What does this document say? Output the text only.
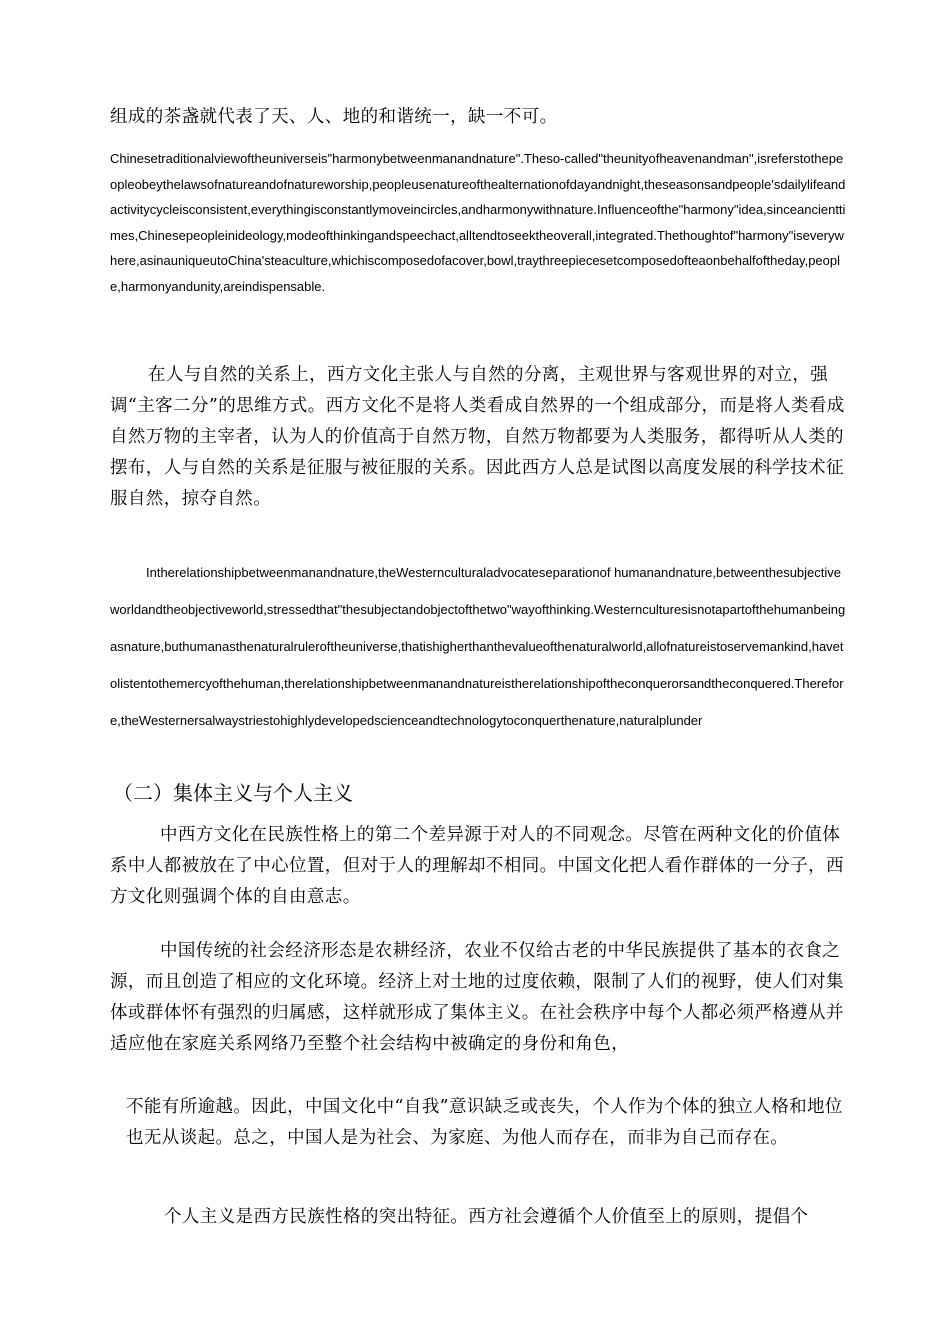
组成的茶盏就代表了天、人、地的和谐统一，缺一不可。

Chinesetraditionalviewoftheuniverseis"harmonybetweenmanandnature".Theso-called"theunityofheavenandman",isreferstothepeopleobeythelawsofnatureandofnatureworship,peopleusenatureofthealternationofdayandnight,theseasonsandpeople'sdailylifeandactivitycycleisconsistent,everythingisconstantlymoveincircles,andharmonywithnature.Influenceofthe"harmony"idea,sinceancienttimes,Chinesepeopleinideology,modeofthinkingandspeechact,alltendtoseektheoverall,integrated.Thethoughtof"harmony"iseverywhere,asinauniqueutoChina'steaculture,whichiscomposedofacover,bowl,traythreepiecesetcomposedofteaonbehalfoftheday,people,harmonyandunity,areindispensable.

在人与自然的关系上，西方文化主张人与自然的分离，主观世界与客观世界的对立，强调“主客二分”的思维方式。西方文化不是将人类看成自然界的一个组成部分，而是将人类看成自然万物的主宰者，认为人的价值高于自然万物，自然万物都要为人类服务，都得听从人类的摆布，人与自然的关系是征服与被征服的关系。因此西方人总是试图以高度发展的科学技术征服自然，掠夺自然。

Intherelationshipbetweenmanandnature,theWesternculturaladvocateseparationof humanandnature,betweenthesubjectiveworldandtheobjectiveworld,stressedthat"thesubjectandobjectofthetwo"wayofthinking.Westernculturesisnotapartofthehumanbeingasnature,buthumanasthenaturalruleroftheuniverse,thatishigherthanthevalueofthenaturalworld,allofnatureistoservemankind,havetolistentothemercyofthehuman,therelationshipbetweenmanandnatureistherelationshipoftheconquerorsandtheconquered.Therefore,theWesternersalwaystriestohighlydevelopedscienceandtechnologytoconquerthenature,naturalplunder

（二）集体主义与个人主义

中西方文化在民族性格上的第二个差异源于对人的不同观念。尽管在两种文化的价值体系中人都被放在了中心位置，但对于人的理解却不相同。中国文化把人看作群体的一分子，西方文化则强调个体的自由意志。

中国传统的社会经济形态是农耕经济，农业不仅给古老的中华民族提供了基本的衣食之源，而且创造了相应的文化环境。经济上对土地的过度依赖，限制了人们的视野，使人们对集体或群体怀有强烈的归属感，这样就形成了集体主义。在社会秩序中每个人都必须严格遵从并适应他在家庭关系网络乃至整个社会结构中被确定的身份和角色，

不能有所逾越。因此，中国文化中“自我”意识缺乏或丧失，个人作为个体的独立人格和地位也无从谈起。总之，中国人是为社会、为家庭、为他人而存在，而非为自己而存在。

个人主义是西方民族性格的突出特征。西方社会遵循个人价值至上的原则，提倡个
